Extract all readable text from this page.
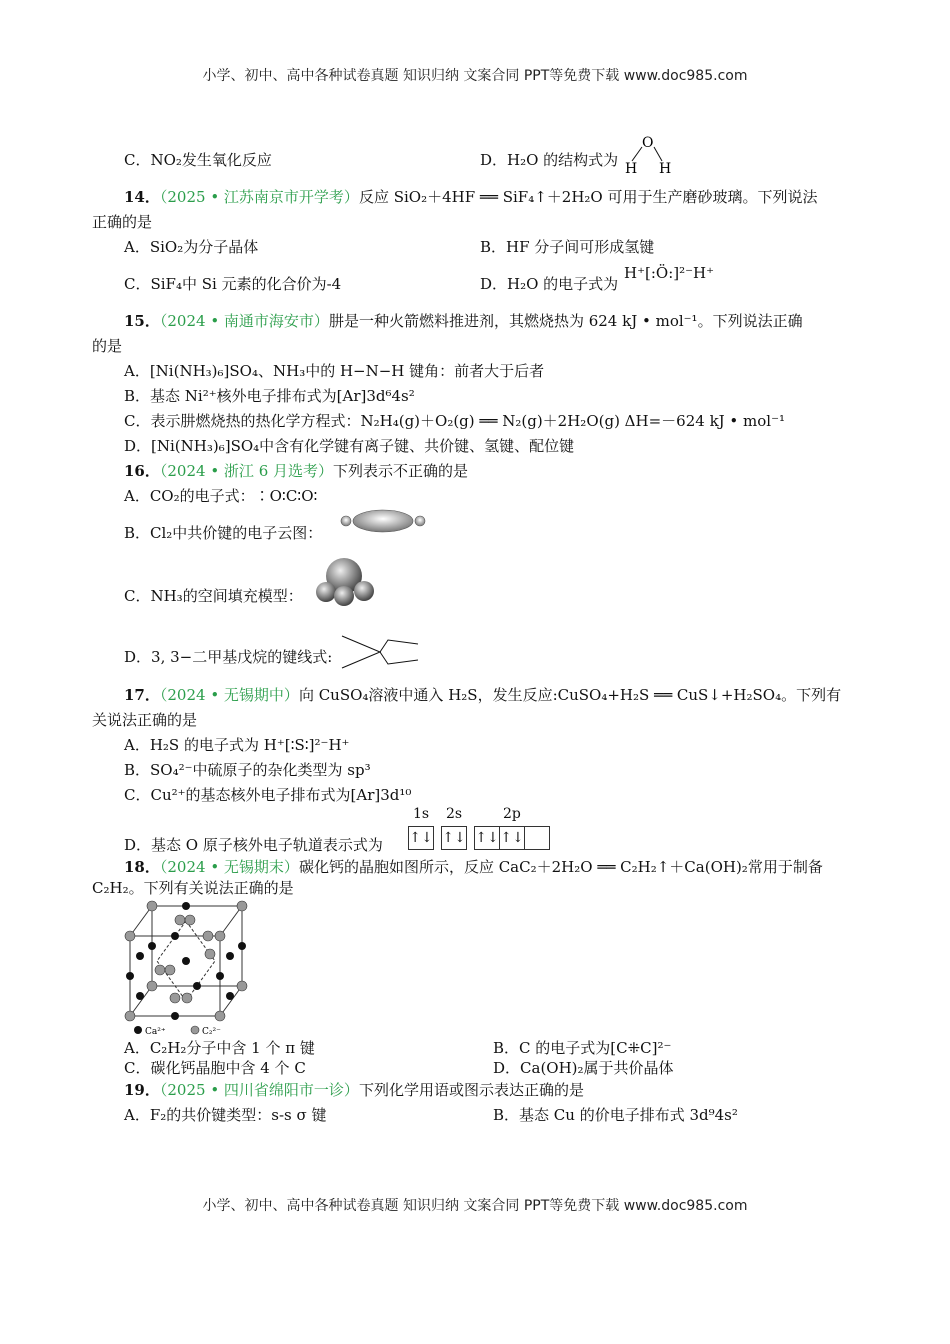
小学、初中、高中各种试卷真题 知识归纳 文案合同 PPT等免费下载 www.doc985.com
C．NO₂发生氧化反应	D．H₂O 的结构式为
O
H H
14．（2025 • 江苏南京市开学考）反应 SiO₂＋4HF ══ SiF₄↑＋2H₂O 可用于生产磨砂玻璃。下列说法
正确的是
A．SiO₂为分子晶体	B．HF 分子间可形成氢键
C．SiF₄中 Si 元素的化合价为-4	D．H₂O 的电子式为
H⁺[:Ö:]²⁻H⁺
15．（2024 • 南通市海安市）肼是一种火箭燃料推进剂，其燃烧热为 624 kJ • mol⁻¹。下列说法正确
的是
A．[Ni(NH₃)₆]SO₄、NH₃中的 H−N−H 键角：前者大于后者
B．基态 Ni²⁺核外电子排布式为[Ar]3d⁶4s²
C．表示肼燃烧热的热化学方程式：N₂H₄(g)＋O₂(g) ══ N₂(g)＋2H₂O(g) ΔH=－624 kJ • mol⁻¹
D．[Ni(NH₃)₆]SO₄中含有化学键有离子键、共价键、氢键、配位键
16．（2024 • 浙江 6 月选考）下列表示不正确的是
A．CO₂的电子式：∶O∶C∶O∶
B．Cl₂中共价键的电子云图：
C．NH₃的空间填充模型：
D．3, 3−二甲基戊烷的键线式:
17．（2024 • 无锡期中）向 CuSO₄溶液中通入 H₂S，发生反应:CuSO₄+H₂S ══ CuS↓+H₂SO₄。下列有
关说法正确的是
A．H₂S 的电子式为 H⁺[∶S∶]²⁻H⁺
B．SO₄²⁻中硫原子的杂化类型为 sp³
C．Cu²⁺的基态核外电子排布式为[Ar]3d¹⁰
D．基态 O 原子核外电子轨道表示式为
1s 2s	2p
↑↓ ↑↓ ↑↓ ↑↓
18．（2024 • 无锡期末）碳化钙的晶胞如图所示，反应 CaC₂＋2H₂O ══ C₂H₂↑＋Ca(OH)₂常用于制备
C₂H₂。下列有关说法正确的是
Ca²⁺	C₂²⁻
A．C₂H₂分子中含 1 个 π 键	B．C 的电子式为[C⁜C]²⁻
C．碳化钙晶胞中含 4 个 C	D．Ca(OH)₂属于共价晶体
19．（2025 • 四川省绵阳市一诊）下列化学用语或图示表达正确的是
A．F₂的共价键类型：s-s σ 键	B．基态 Cu 的价电子排布式 3d⁹4s²
小学、初中、高中各种试卷真题 知识归纳 文案合同 PPT等免费下载 www.doc985.com
